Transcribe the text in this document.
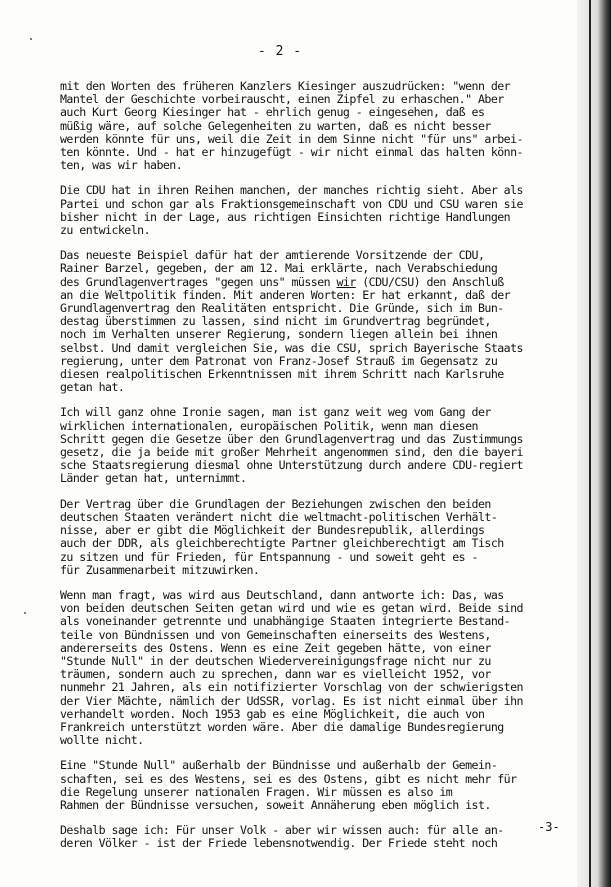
- 2 -
mit den Worten des früheren Kanzlers Kiesinger auszudrücken: "wenn der
Mantel der Geschichte vorbeirauscht, einen Zipfel zu erhaschen." Aber
auch Kurt Georg Kiesinger hat - ehrlich genug - eingesehen, daß es
müßig wäre, auf solche Gelegenheiten zu warten, daß es nicht besser
werden könnte für uns, weil die Zeit in dem Sinne nicht "für uns" arbei-
ten könnte. Und - hat er hinzugefügt - wir nicht einmal das halten könn-
ten, was wir haben.
Die CDU hat in ihren Reihen manchen, der manches richtig sieht. Aber als
Partei und schon gar als Fraktionsgemeinschaft von CDU und CSU waren sie
bisher nicht in der Lage, aus richtigen Einsichten richtige Handlungen
zu entwickeln.
Das neueste Beispiel dafür hat der amtierende Vorsitzende der CDU,
Rainer Barzel, gegeben, der am 12. Mai erklärte, nach Verabschiedung
des Grundlagenvertrages "gegen uns" müssen wir (CDU/CSU) den Anschluß
an die Weltpolitik finden. Mit anderen Worten: Er hat erkannt, daß der
Grundlagenvertrag den Realitäten entspricht. Die Gründe, sich im Bun-
destag überstimmen zu lassen, sind nicht im Grundvertrag begründet,
noch im Verhalten unserer Regierung, sondern liegen allein bei ihnen
selbst. Und damit vergleichen Sie, was die CSU, sprich Bayerische Staats
regierung, unter dem Patronat von Franz-Josef Strauß im Gegensatz zu
diesen realpolitischen Erkenntnissen mit ihrem Schritt nach Karlsruhe
getan hat.
Ich will ganz ohne Ironie sagen, man ist ganz weit weg vom Gang der
wirklichen internationalen, europäischen Politik, wenn man diesen
Schritt gegen die Gesetze über den Grundlagenvertrag und das Zustimmungs
gesetz, die ja beide mit großer Mehrheit angenommen sind, den die bayeri
sche Staatsregierung diesmal ohne Unterstützung durch andere CDU-regiert
Länder getan hat, unternimmt.
Der Vertrag über die Grundlagen der Beziehungen zwischen den beiden
deutschen Staaten verändert nicht die weltmacht-politischen Verhält-
nisse, aber er gibt die Möglichkeit der Bundesrepublik, allerdings
auch der DDR, als gleichberechtigte Partner gleichberechtigt am Tisch
zu sitzen und für Frieden, für Entspannung - und soweit geht es -
für Zusammenarbeit mitzuwirken.
Wenn man fragt, was wird aus Deutschland, dann antworte ich: Das, was
von beiden deutschen Seiten getan wird und wie es getan wird. Beide sind
als voneinander getrennte und unabhängige Staaten integrierte Bestand-
teile von Bündnissen und von Gemeinschaften einerseits des Westens,
andererseits des Ostens. Wenn es eine Zeit gegeben hätte, von einer
"Stunde Null" in der deutschen Wiedervereinigungsfrage nicht nur zu
träumen, sondern auch zu sprechen, dann war es vielleicht 1952, vor
nunmehr 21 Jahren, als ein notifizierter Vorschlag von der schwierigsten
der Vier Mächte, nämlich der UdSSR, vorlag. Es ist nicht einmal über ihn
verhandelt worden. Noch 1953 gab es eine Möglichkeit, die auch von
Frankreich unterstützt worden wäre. Aber die damalige Bundesregierung
wollte nicht.
Eine "Stunde Null" außerhalb der Bündnisse und außerhalb der Gemein-
schaften, sei es des Westens, sei es des Ostens, gibt es nicht mehr für
die Regelung unserer nationalen Fragen. Wir müssen es also im
Rahmen der Bündnisse versuchen, soweit Annäherung eben möglich ist.
Deshalb sage ich: Für unser Volk - aber wir wissen auch: für alle an-
deren Völker - ist der Friede lebensnotwendig. Der Friede steht noch
-3-
